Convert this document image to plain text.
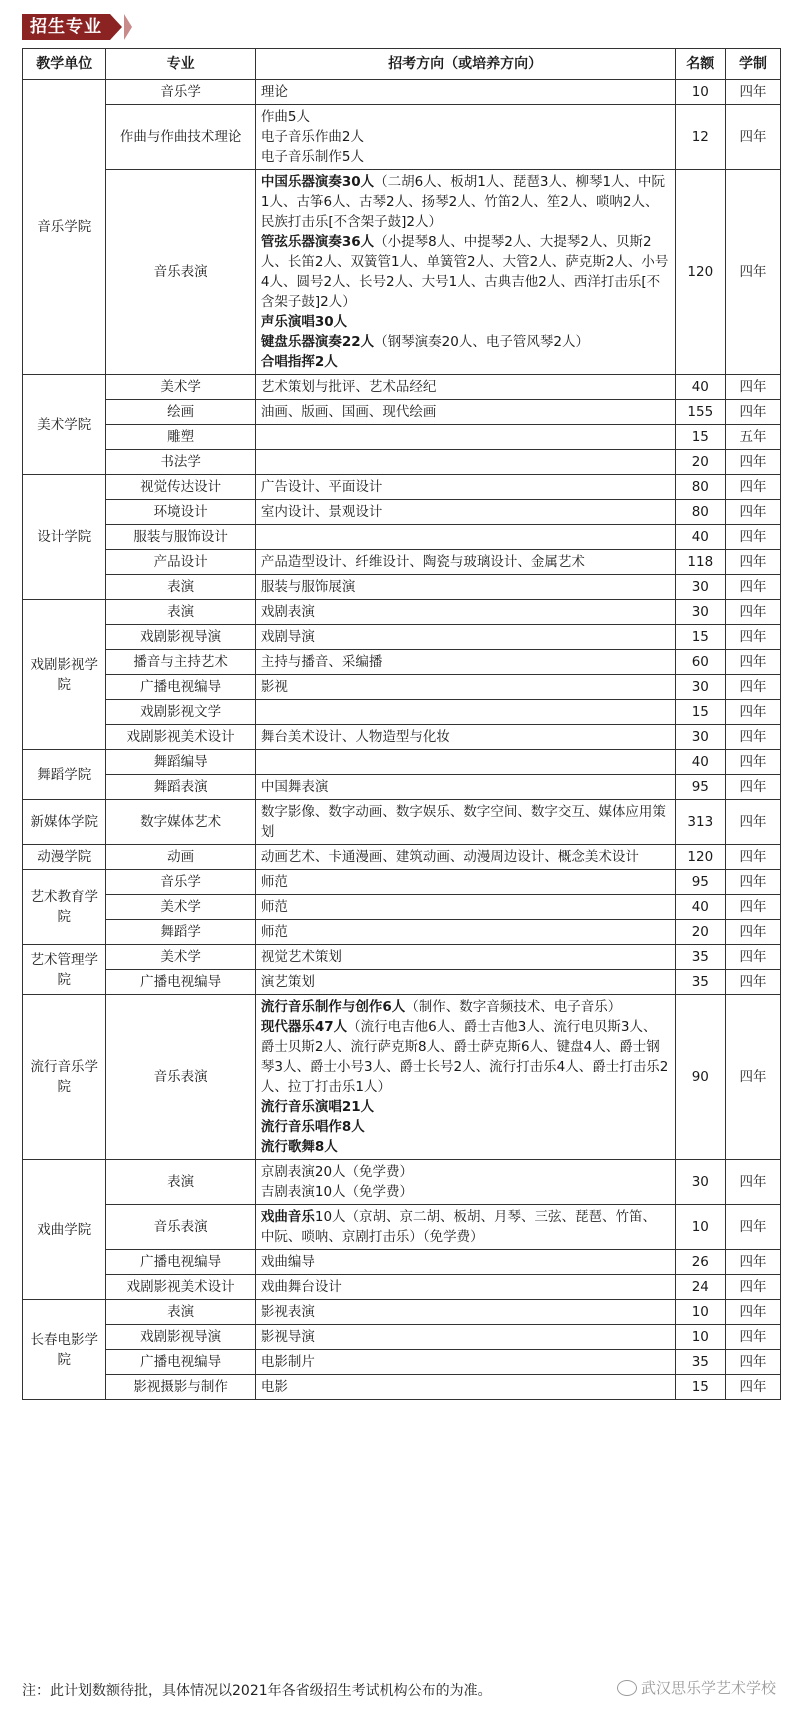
招生专业
教学单位	专业	招考方向（或培养方向）	名额	学制
音乐学院	音乐学	理论	10	四年
	作曲与作曲技术理论	作曲5人
电子音乐作曲2人
电子音乐制作5人	12	四年
	音乐表演	中国乐器演奏30人（二胡6人、板胡1人、琵琶3人、柳琴1人、中阮1人、古筝6人、古琴2人、扬琴2人、竹笛2人、笙2人、唢呐2人、民族打击乐[不含架子鼓]2人）
管弦乐器演奏36人（小提琴8人、中提琴2人、大提琴2人、贝斯2人、长笛2人、双簧管1人、单簧管2人、大管2人、萨克斯2人、小号4人、圆号2人、长号2人、大号1人、古典吉他2人、西洋打击乐[不含架子鼓]2人）
声乐演唱30人
键盘乐器演奏22人（钢琴演奏20人、电子管风琴2人）
合唱指挥2人	120	四年
美术学院	美术学	艺术策划与批评、艺术品经纪	40	四年
	绘画	油画、版画、国画、现代绘画	155	四年
	雕塑		15	五年
	书法学		20	四年
设计学院	视觉传达设计	广告设计、平面设计	80	四年
	环境设计	室内设计、景观设计	80	四年
	服装与服饰设计		40	四年
	产品设计	产品造型设计、纤维设计、陶瓷与玻璃设计、金属艺术	118	四年
	表演	服装与服饰展演	30	四年
戏剧影视学院	表演	戏剧表演	30	四年
	戏剧影视导演	戏剧导演	15	四年
	播音与主持艺术	主持与播音、采编播	60	四年
	广播电视编导	影视	30	四年
	戏剧影视文学		15	四年
	戏剧影视美术设计	舞台美术设计、人物造型与化妆	30	四年
舞蹈学院	舞蹈编导		40	四年
	舞蹈表演	中国舞表演	95	四年
新媒体学院	数字媒体艺术	数字影像、数字动画、数字娱乐、数字空间、数字交互、媒体应用策划	313	四年
动漫学院	动画	动画艺术、卡通漫画、建筑动画、动漫周边设计、概念美术设计	120	四年
艺术教育学院	音乐学	师范	95	四年
	美术学	师范	40	四年
	舞蹈学	师范	20	四年
艺术管理学院	美术学	视觉艺术策划	35	四年
	广播电视编导	演艺策划	35	四年
流行音乐学院	音乐表演	流行音乐制作与创作6人（制作、数字音频技术、电子音乐）
现代器乐47人（流行电吉他6人、爵士吉他3人、流行电贝斯3人、爵士贝斯2人、流行萨克斯8人、爵士萨克斯6人、键盘4人、爵士钢琴3人、爵士小号3人、爵士长号2人、流行打击乐4人、爵士打击乐2人、拉丁打击乐1人）
流行音乐演唱21人
流行音乐唱作8人
流行歌舞8人	90	四年
戏曲学院	表演	京剧表演20人（免学费）
吉剧表演10人（免学费）	30	四年
	音乐表演	戏曲音乐10人（京胡、京二胡、板胡、月琴、三弦、琵琶、竹笛、中阮、唢呐、京剧打击乐）（免学费）	10	四年
	广播电视编导	戏曲编导	26	四年
	戏剧影视美术设计	戏曲舞台设计	24	四年
长春电影学院	表演	影视表演	10	四年
	戏剧影视导演	影视导演	10	四年
	广播电视编导	电影制片	35	四年
	影视摄影与制作	电影	15	四年
注：此计划数额待批，具体情况以2021年各省级招生考试机构公布的为准。	武汉思乐学艺术学校
